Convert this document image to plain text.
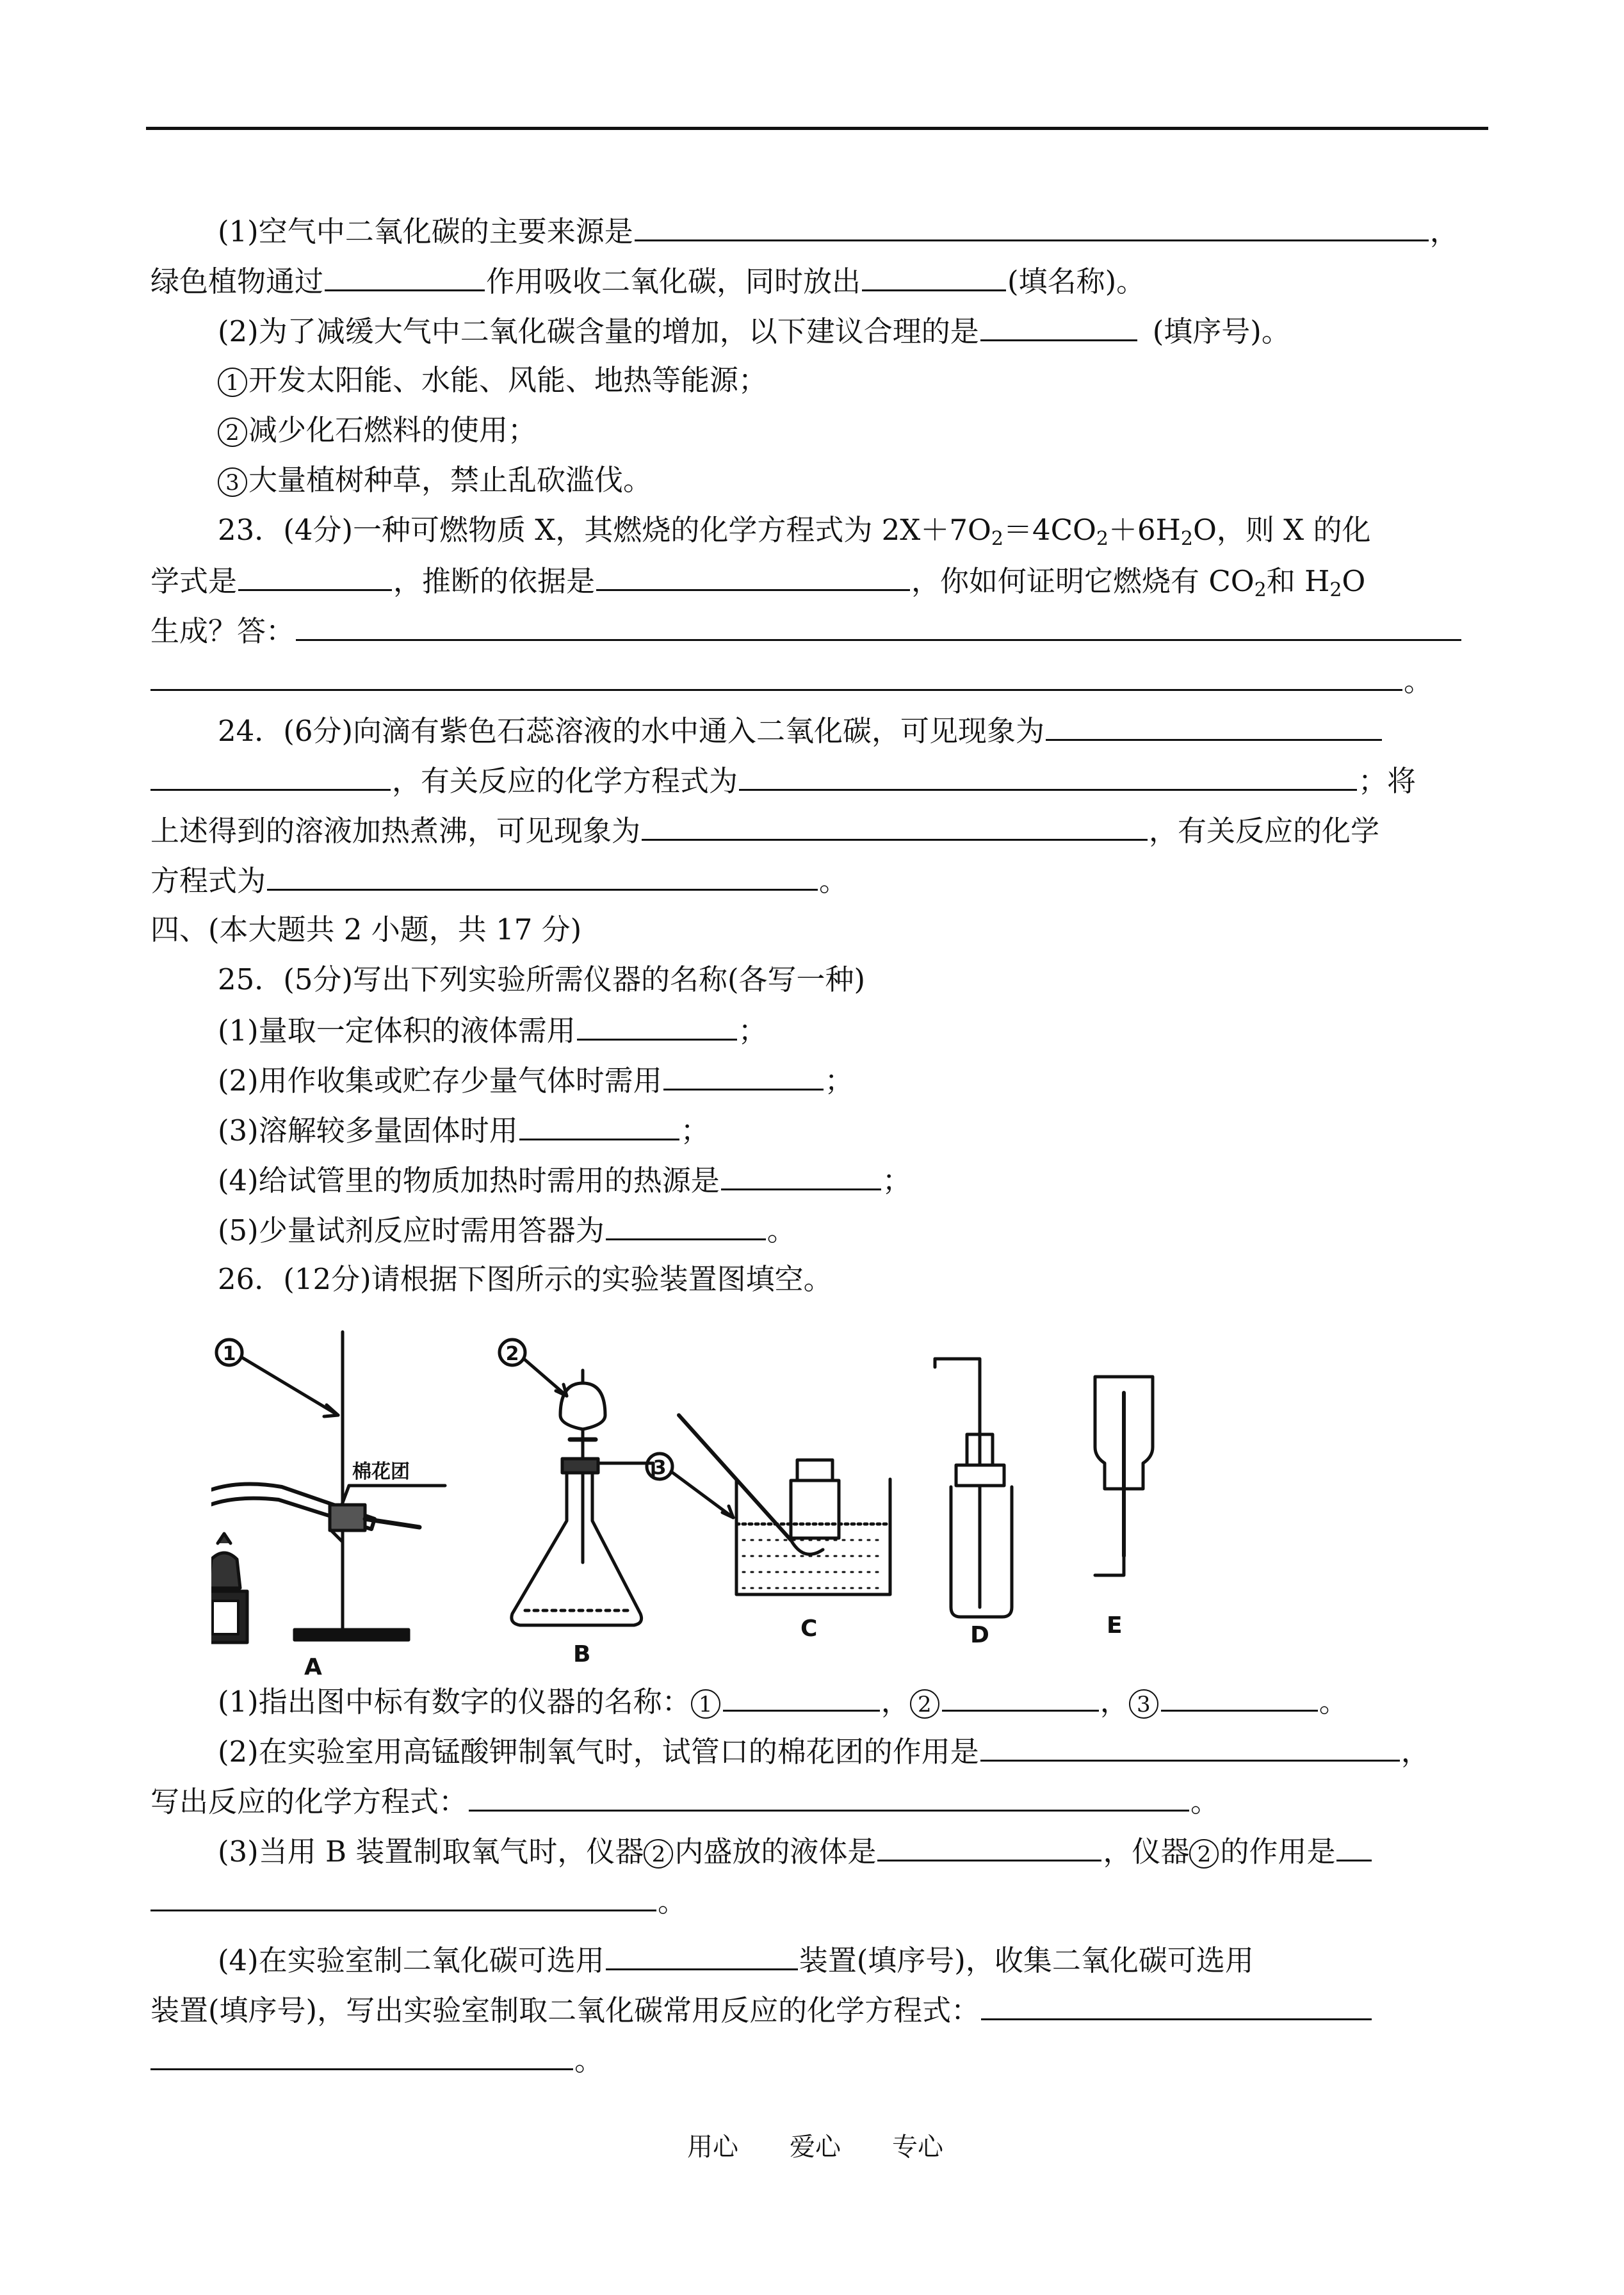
(1)空气中二氧化碳的主要来源是	，
绿色植物通过	作用吸收二氧化碳，同时放出	(填名称)。
(2)为了减缓大气中二氧化碳含量的增加，以下建议合理的是	(填序号)。
1 开发太阳能、水能、风能、地热等能源；
2 减少化石燃料的使用；
3 大量植树种草，禁止乱砍滥伐。
23．(4分)一种可燃物质 X，其燃烧的化学方程式为 $2X+7O_2=4CO_2+6H_2O$，则 X 的化
学式是	，推断的依据是	，你如何证明它燃烧有 $CO_2$和 $H_2O$
生成？答：
。
24．(6分)向滴有紫色石蕊溶液的水中通入二氧化碳，可见现象为
，有关反应的化学方程式为	；将
上述得到的溶液加热煮沸，可见现象为	，有关反应的化学
方程式为	。
四、(本大题共 2 小题，共 17 分)
25．(5分)写出下列实验所需仪器的名称(各写一种)
(1)量取一定体积的液体需用	；
(2)用作收集或贮存少量气体时需用	；
(3)溶解较多量固体时用	；
(4)给试管里的物质加热时需用的热源是	；
(5)少量试剂反应时需用答器为	。
26．(12分)请根据下图所示的实验装置图填空。
1
棉花团
A
2
B
3
C	D	E
(1)指出图中标有数字的仪器的名称： 1	， 2	， 3	。
(2)在实验室用高锰酸钾制氧气时，试管口的棉花团的作用是	，
写出反应的化学方程式：	。
(3)当用 B 装置制取氧气时，仪器 2 内盛放的液体是	，仪器 2 的作用是
。
(4)在实验室制二氧化碳可选用	装置(填序号)，收集二氧化碳可选用
装置(填序号)，写出实验室制取二氧化碳常用反应的化学方程式：
。
用心 爱心 专心
